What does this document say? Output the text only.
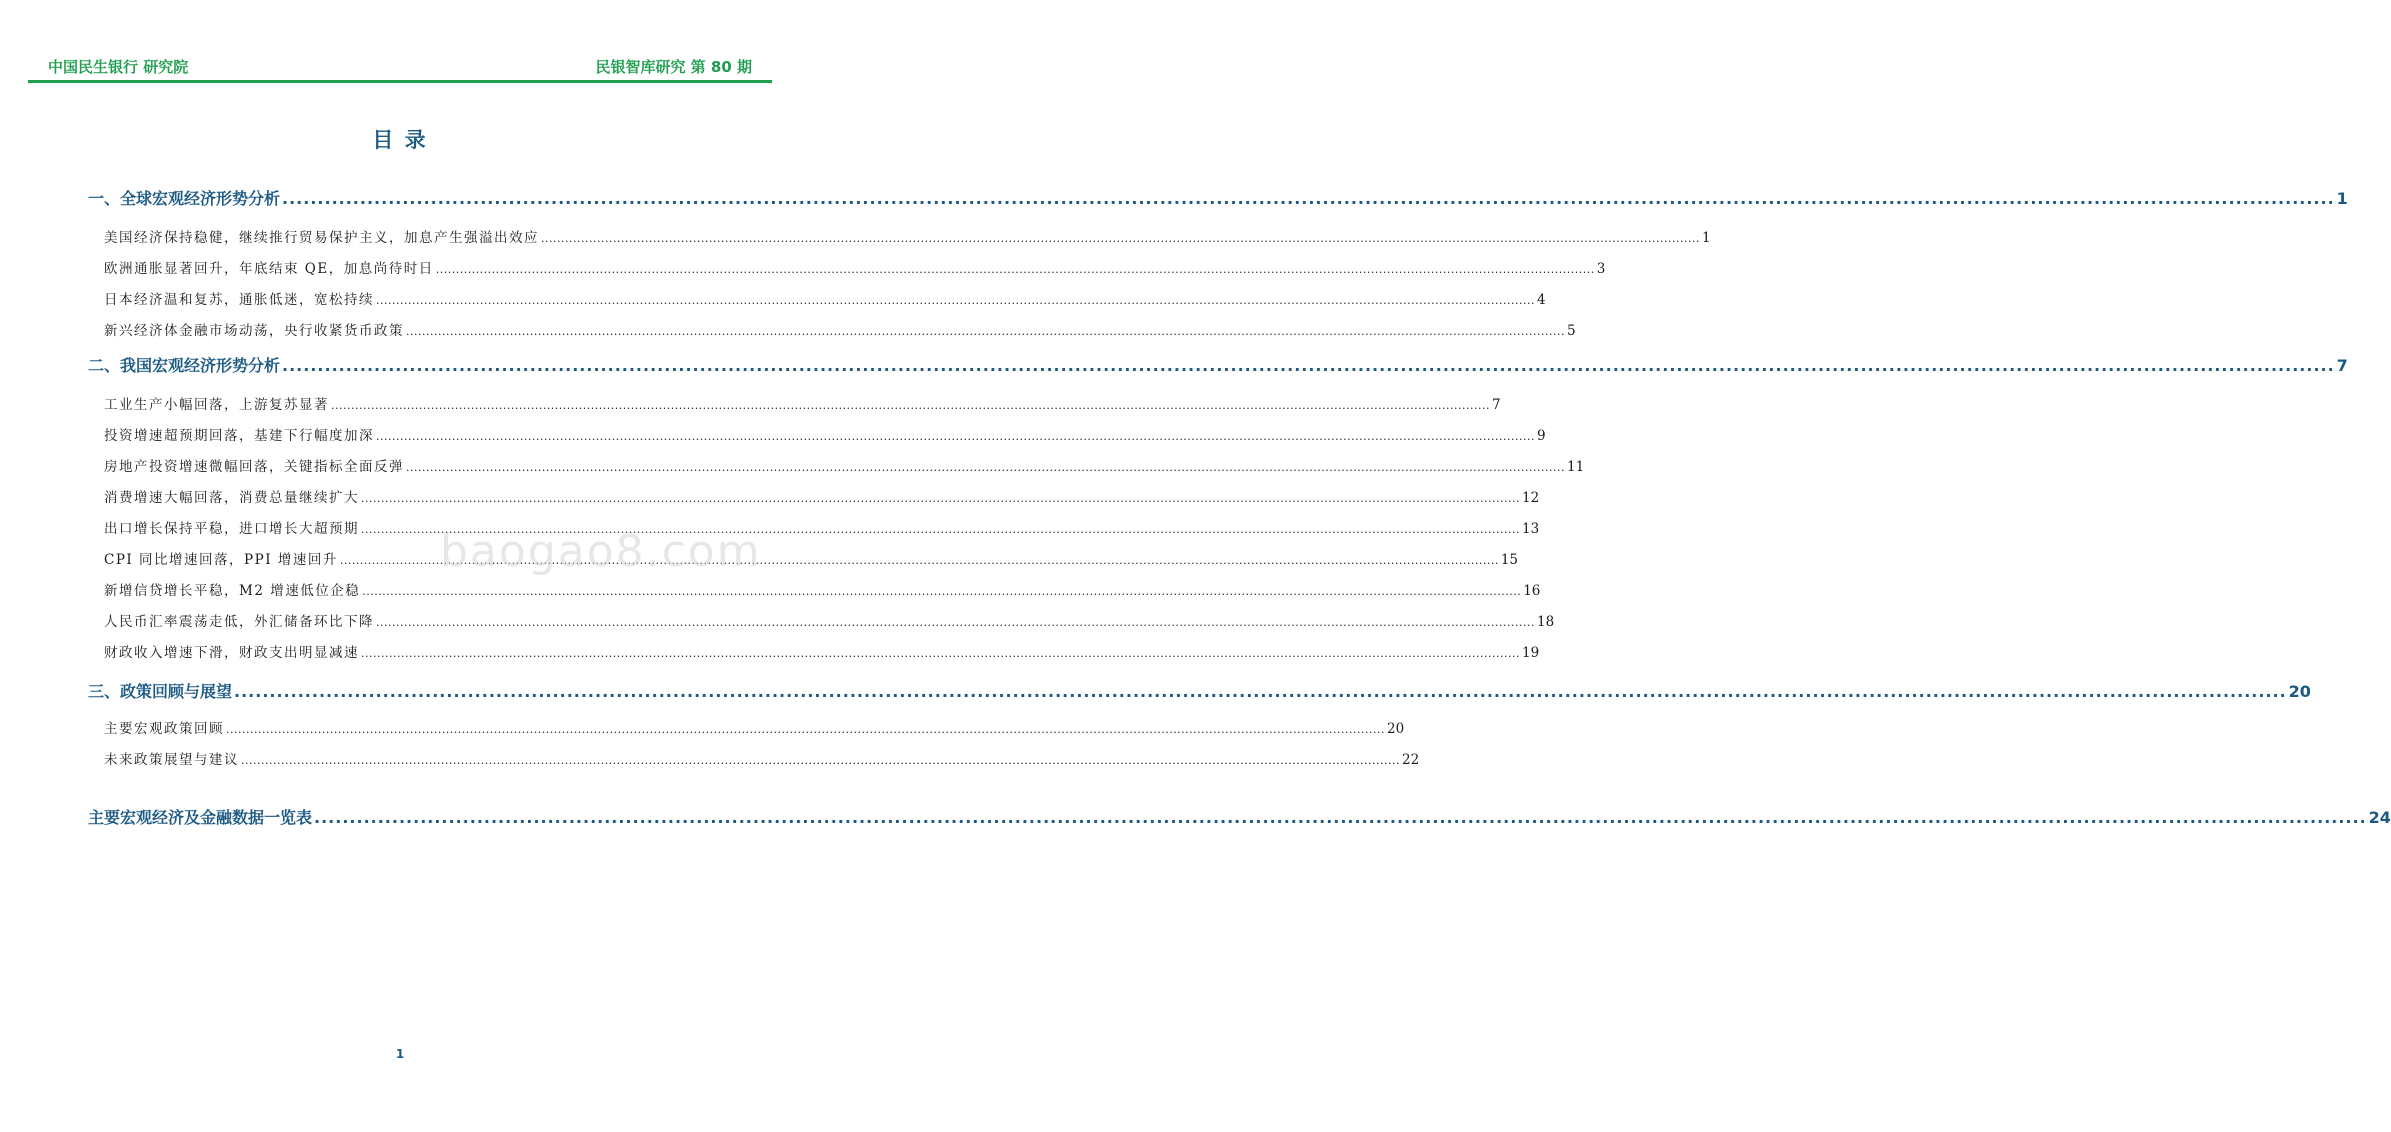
中国民生银行 研究院	民银智库研究 第 80 期
目 录
一、全球宏观经济形势分析 .................................................................................................................................................................................................................................................................................................. 1
美国经济保持稳健，继续推行贸易保护主义，加息产生强溢出效应 .................................................................................................................................................................................................................................................................................................. 1
欧洲通胀显著回升，年底结束 QE，加息尚待时日 .................................................................................................................................................................................................................................................................................................. 3
日本经济温和复苏，通胀低迷，宽松持续 .................................................................................................................................................................................................................................................................................................. 4
新兴经济体金融市场动荡，央行收紧货币政策 .................................................................................................................................................................................................................................................................................................. 5
二、我国宏观经济形势分析 .................................................................................................................................................................................................................................................................................................. 7
工业生产小幅回落，上游复苏显著 .................................................................................................................................................................................................................................................................................................. 7
投资增速超预期回落，基建下行幅度加深 .................................................................................................................................................................................................................................................................................................. 9
房地产投资增速微幅回落，关键指标全面反弹 .................................................................................................................................................................................................................................................................................................. 11
消费增速大幅回落，消费总量继续扩大 .................................................................................................................................................................................................................................................................................................. 12
出口增长保持平稳，进口增长大超预期 .................................................................................................................................................................................................................................................................................................. 13
CPI 同比增速回落，PPI 增速回升 .................................................................................................................................................................................................................................................................................................. 15
新增信贷增长平稳，M2 增速低位企稳 .................................................................................................................................................................................................................................................................................................. 16
人民币汇率震荡走低，外汇储备环比下降 .................................................................................................................................................................................................................................................................................................. 18
财政收入增速下滑，财政支出明显减速 .................................................................................................................................................................................................................................................................................................. 19
三、政策回顾与展望 .................................................................................................................................................................................................................................................................................................. 20
主要宏观政策回顾 .................................................................................................................................................................................................................................................................................................. 20
未来政策展望与建议 .................................................................................................................................................................................................................................................................................................. 22
主要宏观经济及金融数据一览表 .................................................................................................................................................................................................................................................................................................. 24
baogao8.com
1
